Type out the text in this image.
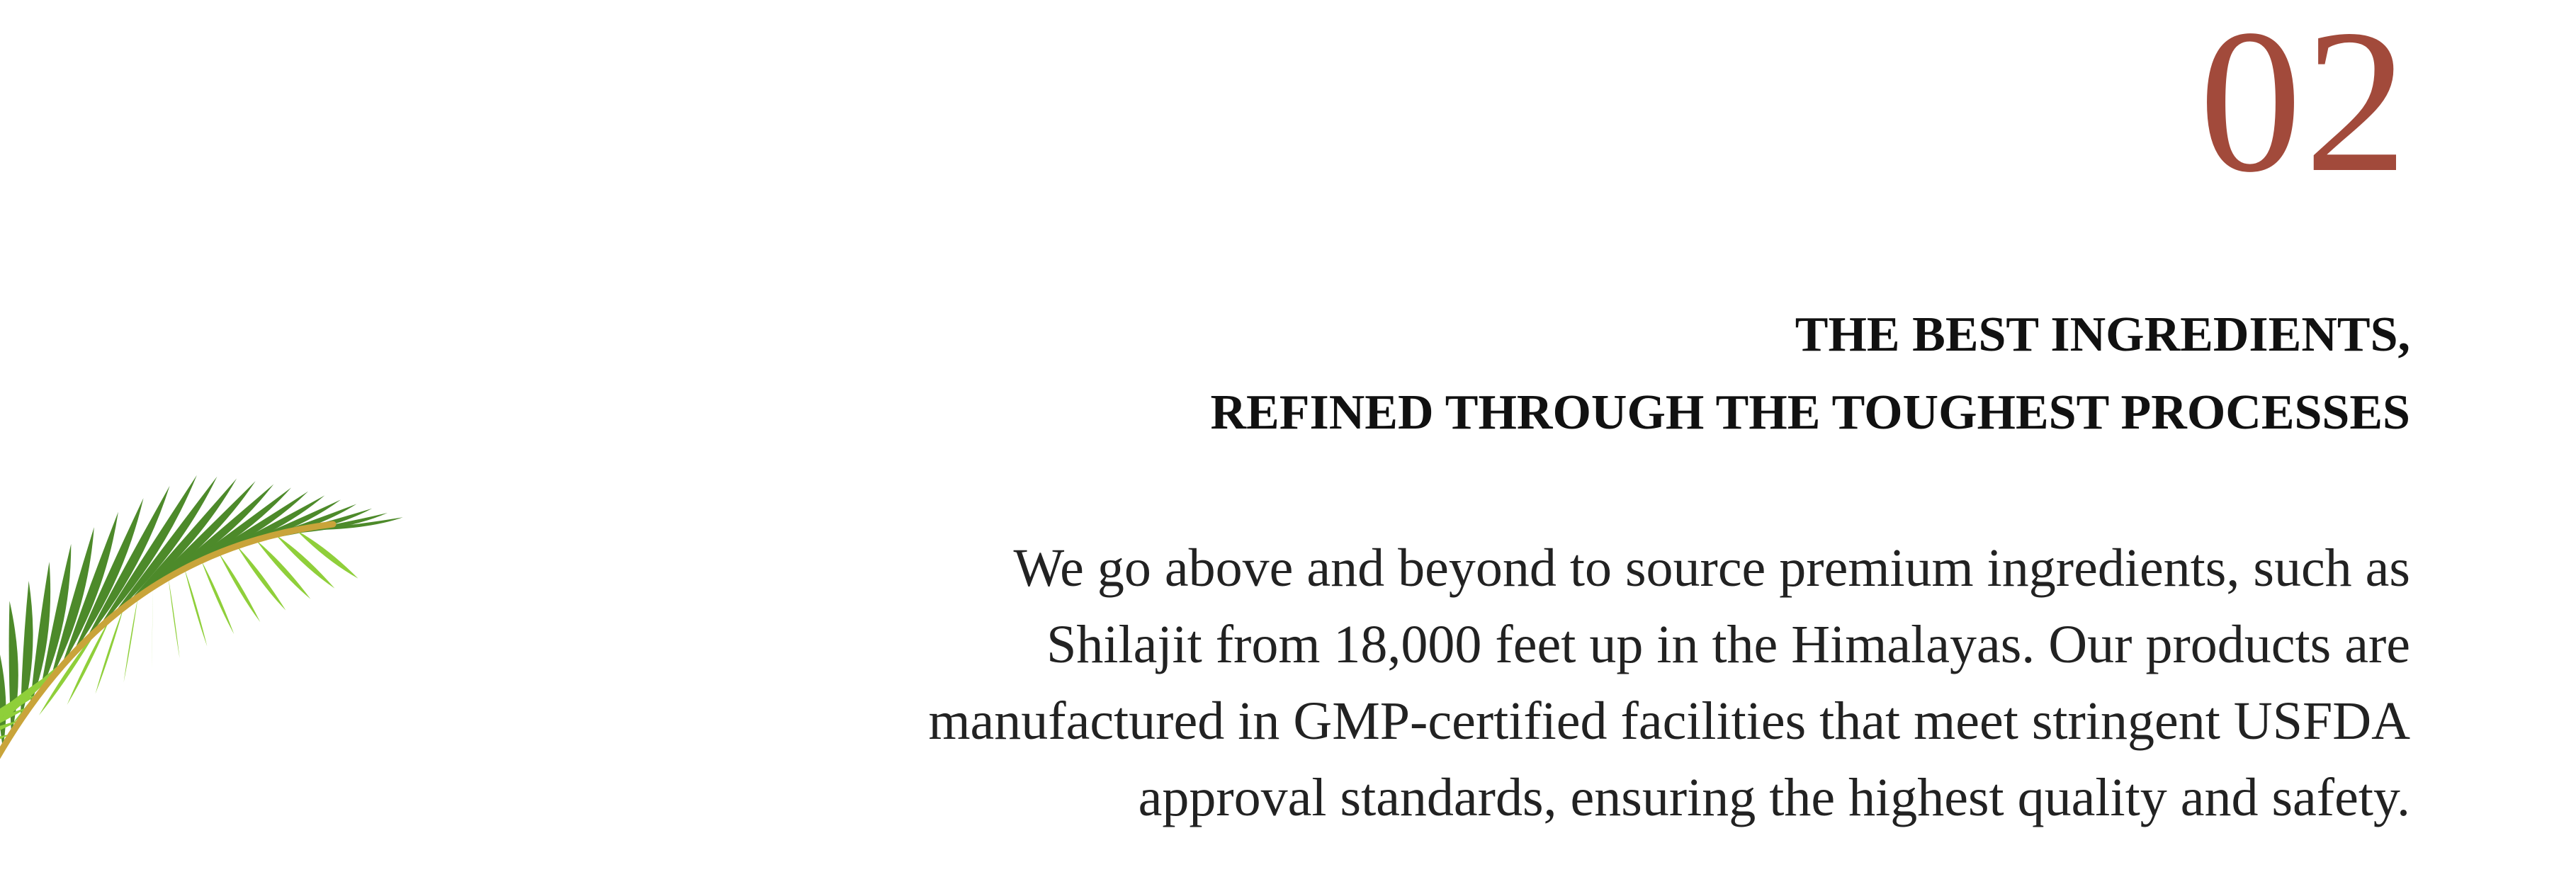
02
THE BEST INGREDIENTS,
REFINED THROUGH THE TOUGHEST PROCESSES
We go above and beyond to source premium ingredients, such as Shilajit from 18,000 feet up in the Himalayas. Our products are manufactured in GMP-certified facilities that meet stringent USFDA approval standards, ensuring the highest quality and safety.
